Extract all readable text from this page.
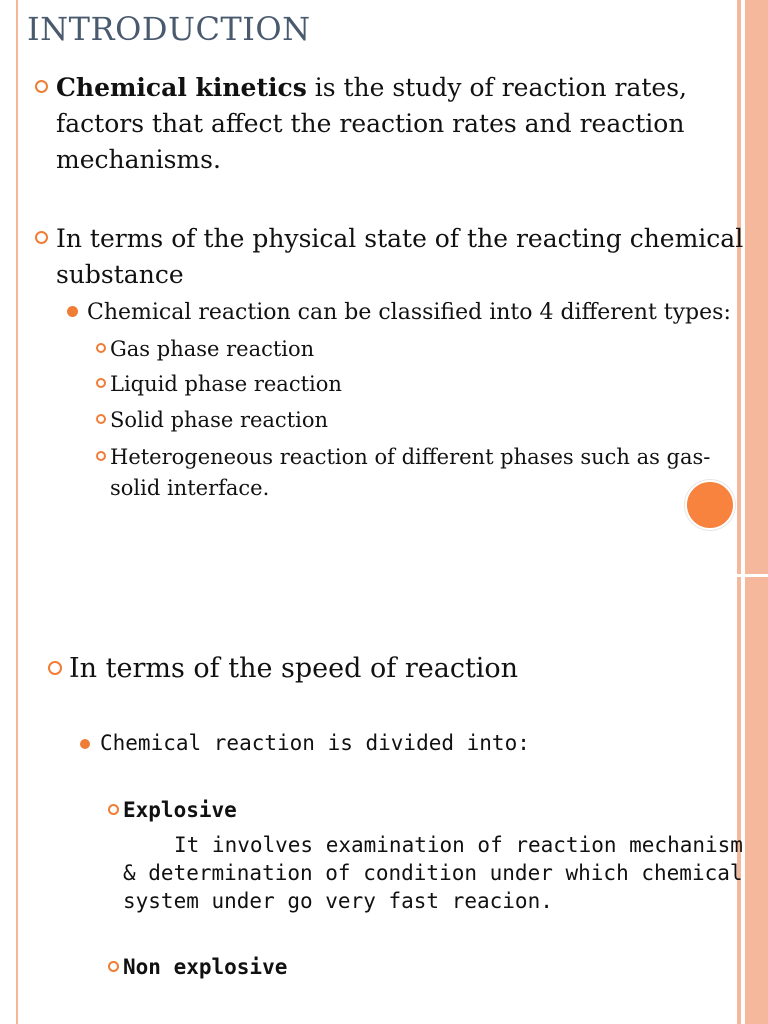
INTRODUCTION
Chemical kinetics is the study of reaction rates,
factors that affect the reaction rates and reaction
mechanisms.
In terms of the physical state of the reacting chemical
substance
Chemical reaction can be classified into 4 different types:
Gas phase reaction
Liquid phase reaction
Solid phase reaction
Heterogeneous reaction of different phases such as gas-
solid interface.
In terms of the speed of reaction
Chemical reaction is divided into:
Explosive
It involves examination of reaction mechanism
& determination of condition under which chemical
system under go very fast reacion.
Non explosive
